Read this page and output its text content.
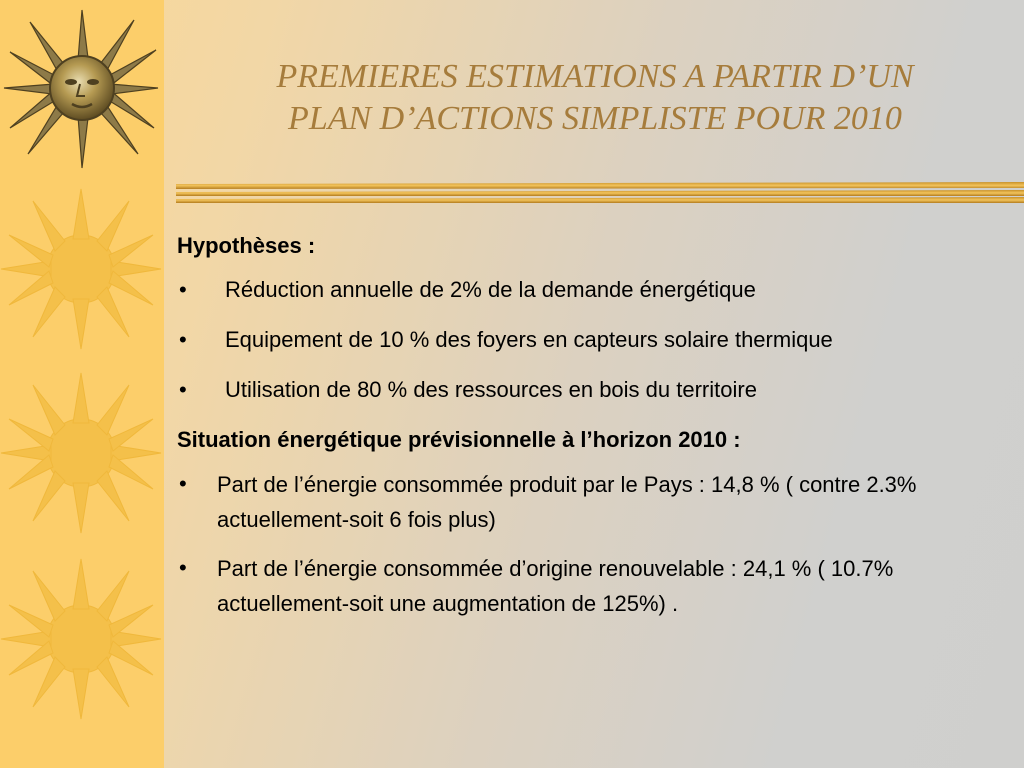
PREMIERES ESTIMATIONS A PARTIR D’UN
PLAN D’ACTIONS SIMPLISTE POUR 2010
Hypothèses :
•	Réduction annuelle de 2% de la demande énergétique
•	Equipement de 10 % des foyers en capteurs solaire thermique
•	Utilisation de 80 % des ressources en bois du territoire
Situation énergétique prévisionnelle à l’horizon 2010 :
•	Part de l’énergie consommée produit par le Pays : 14,8 % ( contre 2.3% actuellement-soit 6 fois plus)
•	Part de l’énergie consommée d’origine renouvelable : 24,1 % ( 10.7% actuellement-soit une augmentation de 125%) .
